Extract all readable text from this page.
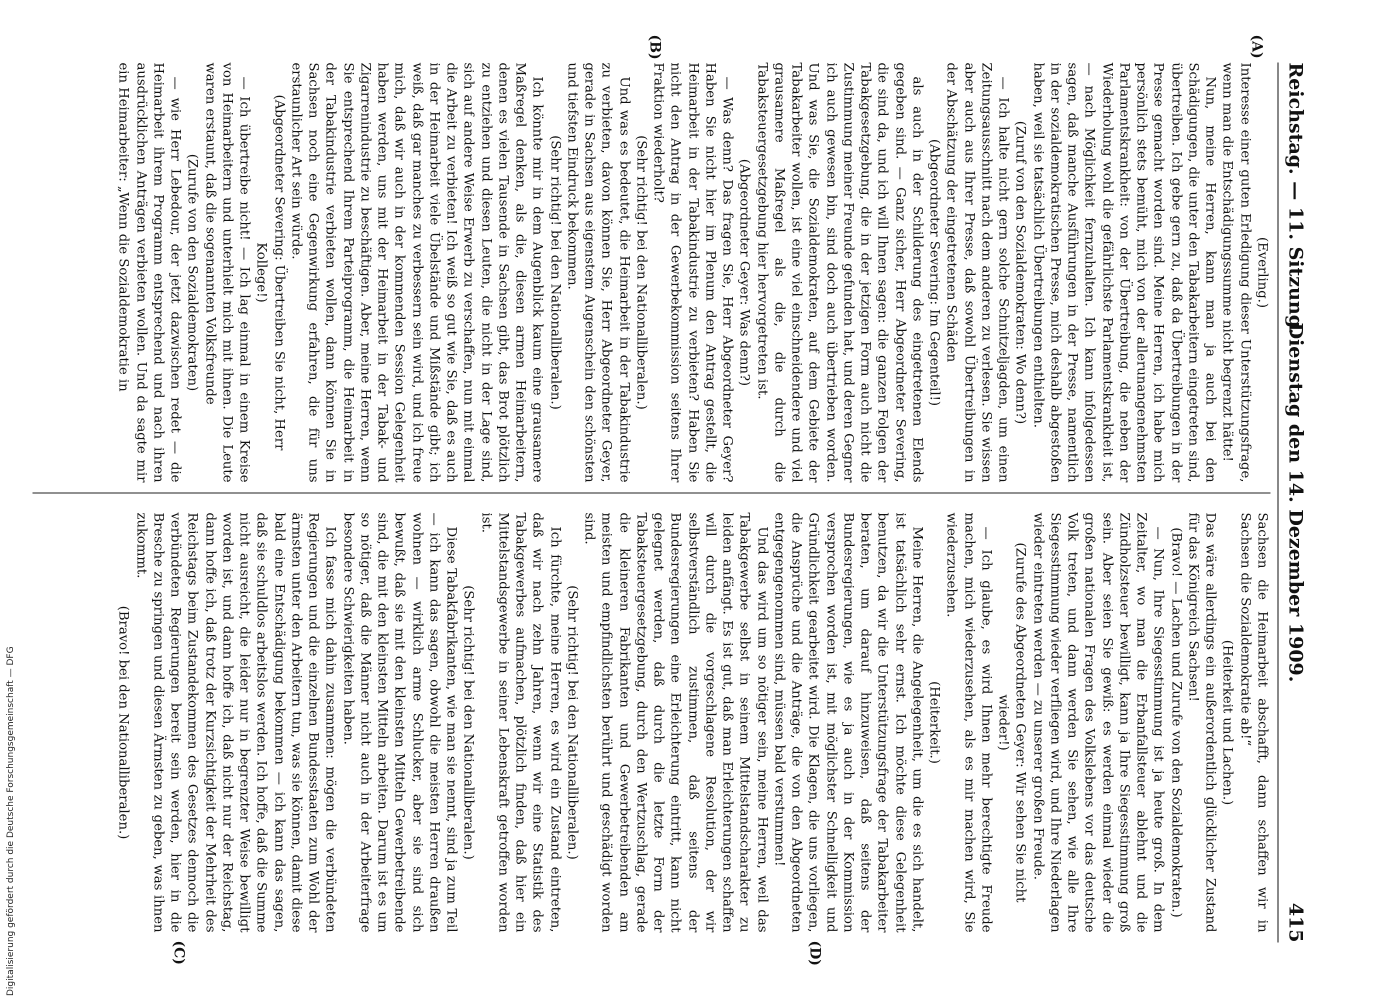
Reichstag. — 11. Sitzung.
Dienstag den 14. Dezember 1909.
415
(A)
(B)
(C)	(D)

(Everling.)

Interesse einer guten Erledigung dieser Unterstützungsfrage, wenn man die Entschädigungssumme nicht begrenzt hätte!

Nun, meine Herren, kann man ja auch bei den Schädigungen, die unter den Tabakarbeitern eingetreten sind, übertreiben. Ich gebe gern zu, daß da Übertreibungen in der Presse gemacht worden sind. Meine Herren, ich habe mich persönlich stets bemüht, mich von der allerunangenehmsten Parlamentskrankheit: von der Übertreibung, die neben der Wiederholung wohl die gefährlichste Parlamentskrankheit ist, — nach Möglichkeit fernzuhalten. Ich kann infolgedessen sagen, daß manche Ausführungen in der Presse, namentlich in der sozialdemokratischen Presse, mich deshalb abgestoßen haben, weil sie tatsächlich Übertreibungen enthielten.

(Zuruf von den Sozialdemokraten: Wo denn?)

— Ich halte nicht gern solche Schnitzeljagden, um einen Zeitungsausschnitt nach dem anderen zu verlesen. Sie wissen aber auch aus Ihrer Presse, daß sowohl Übertreibungen in der Abschätzung der eingetretenen Schäden

(Abgeordneter Severing: Im Gegenteil!)

als auch in der Schilderung des eingetretenen Elends gegeben sind. — Ganz sicher, Herr Abgeordneter Severing, die sind da, und ich will Ihnen sagen: die ganzen Folgen der Tabakgesetzgebung, die in der jetzigen Form auch nicht die Zustimmung meiner Freunde gefunden hat, und deren Gegner ich auch gewesen bin, sind doch auch übertrieben worden. Und was Sie, die Sozialdemokraten, auf dem Gebiete der Tabakarbeiter wollen, ist eine viel einschneidendere und viel grausamere Maßregel als die, die durch die Tabaksteuergesetzgebung hier hervorgetreten ist.

(Abgeordneter Geyer: Was denn?)

— Was denn? Das fragen Sie, Herr Abgeordneter Geyer? Haben Sie nicht hier im Plenum den Antrag gestellt, die Heimarbeit in der Tabakindustrie zu verbieten? Haben Sie nicht den Antrag in der Gewerbekommission seitens Ihrer Fraktion wiederholt?

(Sehr richtig! bei den Nationalliberalen.)

Und was es bedeutet, die Heimarbeit in der Tabakindustrie zu verbieten, davon können Sie, Herr Abgeordneter Geyer, gerade in Sachsen aus eigenstem Augenschein den schönsten und tiefsten Eindruck bekommen.

(Sehr richtig! bei den Nationalliberalen.)

Ich könnte mir in dem Augenblick kaum eine grausamere Maßregel denken, als die, diesen armen Heimarbeitern, denen es vielen Tausende in Sachsen gibt, das Brot plötzlich zu entziehen und diesen Leuten, die nicht in der Lage sind, sich auf andere Weise Erwerb zu verschaffen, nun mit einmal die Arbeit zu verbieten! Ich weiß so gut wie Sie, daß es auch in der Heimarbeit viele Übelstände und Mißstände gibt; ich weiß, daß gar manches zu verbessern sein wird, und ich freue mich, daß wir auch in der kommenden Session Gelegenheit haben werden, uns mit der Heimarbeit in der Tabak- und Zigarrenindustrie zu beschäftigen. Aber, meine Herren, wenn Sie entsprechend Ihrem Parteiprogramm, die Heimarbeit in der Tabakindustrie verbieten wollen, dann können Sie in Sachsen noch eine Gegenwirkung erfahren, die für uns erstaunlicher Art sein würde.

(Abgeordneter Severing: Übertreiben Sie nicht, Herr Kollege!)

— Ich übertreibe nicht! — Ich lag einmal in einem Kreise von Heimarbeitern und unterhielt mich mit ihnen. Die Leute waren erstaunt, daß die sogenannten Volksfreunde

(Zurufe von den Sozialdemokraten)

— wie Herr Lebedour, der jetzt dazwischen redet — die Heimarbeit ihrem Programm entsprechend und nach ihren ausdrücklichen Anträgen verbieten wollen. Und da sagte mir ein Heimarbeiter: „Wenn die Sozialdemokratie in

Sachsen die Heimarbeit abschafft, dann schaffen wir in Sachsen die Sozialdemokratie ab!“

(Heiterkeit und Lachen.)

Das wäre allerdings ein außerordentlich glücklicher Zustand für das Königreich Sachsen!

(Bravo! — Lachen und Zurufe von den Sozialdemokraten.)

— Nun, Ihre Siegesstimmung ist ja heute groß. In dem Zeitalter, wo man die Erbanfallsteuer ablehnt und die Zündholzsteuer bewilligt, kann ja Ihre Siegesstimmung groß sein. Aber seien Sie gewiß: es werden einmal wieder die großen nationalen Fragen des Volkslebens vor das deutsche Volk treten, und dann werden Sie sehen, wie alle Ihre Siegesstimmung wieder verfliegen wird, und Ihre Niederlagen wieder eintreten werden — zu unserer großen Freude.

(Zurufe des Abgeordneten Geyer: Wir sehen Sie nicht wieder!)

— Ich glaube, es wird Ihnen mehr berechtigte Freude machen, mich wiederzusehen, als es mir machen wird, Sie wiederzusehen.

(Heiterkeit.)

Meine Herren, die Angelegenheit, um die es sich handelt, ist tatsächlich sehr ernst. Ich möchte diese Gelegenheit benutzen, da wir die Unterstützungsfrage der Tabakarbeiter beraten, um darauf hinzuweisen, daß seitens der Bundesregierungen, wie es ja auch in der Kommission versprochen worden ist, mit möglichster Schnelligkeit und Gründlichkeit gearbeitet wird. Die Klagen, die uns vorliegen, die Ansprüche und die Anträge, die von den Abgeordneten entgegengenommen sind, müssen bald verstummen!

Und das wird um so nötiger sein, meine Herren, weil das Tabakgewerbe selbst in seinem Mittelstandscharakter zu leiden anfängt. Es ist gut, daß man Erleichterungen schaffen will durch die vorgeschlagene Resolution, der wir selbstverständlich zustimmen, daß seitens der Bundesregierungen eine Erleichterung eintritt, kann nicht gelegnet werden, daß durch die letzte Form der Tabaksteuergesetzgebung, durch den Wertzuschlag, gerade die kleineren Fabrikanten und Gewerbetreibenden am meisten und empfindlichsten berührt und geschädigt worden sind.

(Sehr richtig! bei den Nationalliberalen.)

Ich fürchte, meine Herren, es wird ein Zustand eintreten, daß wir nach zehn Jahren, wenn wir eine Statistik des Tabakgewerbes aufmachen, plötzlich finden, daß hier ein Mittelstandsgewerbe in seiner Lebenskraft getroffen worden ist.

(Sehr richtig! bei den Nationalliberalen.)

Diese Tabakfabrikanten, wie man sie nennt, sind ja zum Teil — ich kann das sagen, obwohl die meisten Herren draußen wohnen — wirklich arme Schlucker, aber sie sind sich bewußt, daß sie mit den kleinsten Mitteln Gewerbetreibende sind, die mit den kleinsten Mitteln arbeiten. Darum ist es um so nötiger, daß die Männer nicht auch in der Arbeiterfrage besondere Schwierigkeiten haben.

Ich fasse mich dahin zusammen: mögen die verbündeten Regierungen und die einzelnen Bundesstaaten zum Wohl der ärmsten unter den Arbeitern tun, was sie können, damit diese bald eine Entschädigung bekommen — ich kann das sagen, daß sie schuldlos arbeitslos werden. Ich hoffe, daß die Summe nicht ausreicht, die leider nur in begrenzter Weise bewilligt worden ist, und dann hoffe ich, daß nicht nur der Reichstag, dann hoffe ich, daß trotz der Kurzsichtigkeit der Mehrheit des Reichstags beim Zustandekommen des Gesetzes dennoch die verbündeten Regierungen bereit sein werden, hier in die Bresche zu springen und diesen Ärmsten zu geben, was ihnen zukommt.

(Bravo! bei den Nationalliberalen.)

Digitalisierung gefördert durch die Deutsche Forschungsgemeinschaft — DFG
